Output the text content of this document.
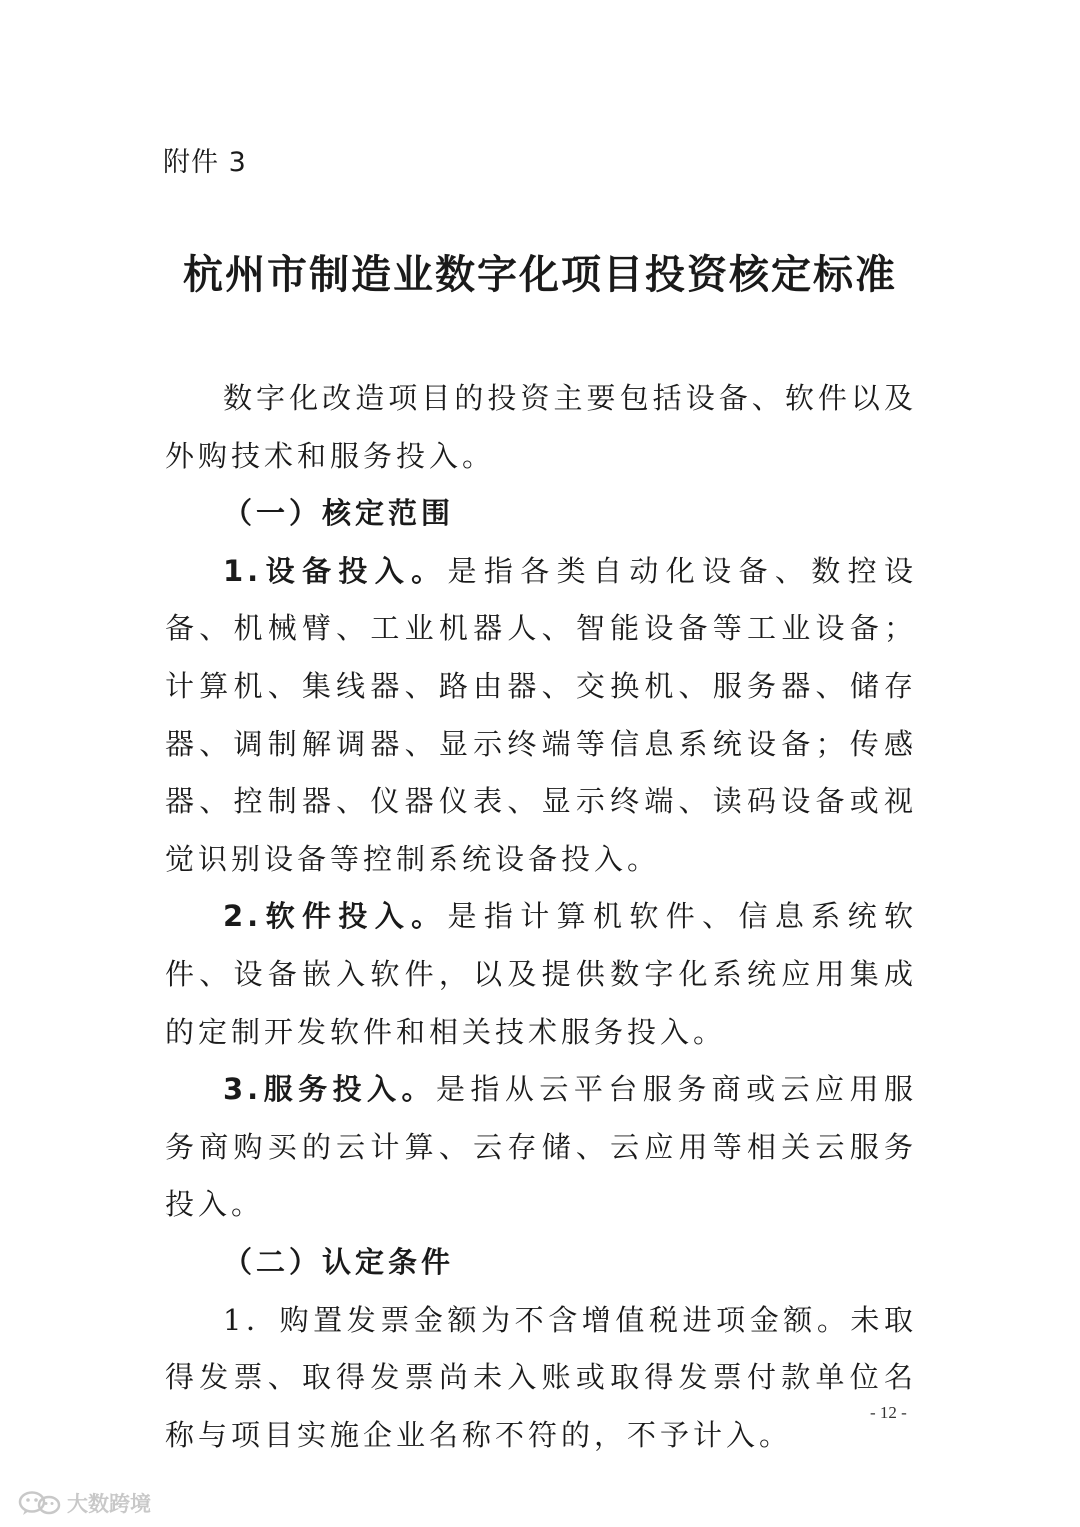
附件 3
杭州市制造业数字化项目投资核定标准

数字化改造项目的投资主要包括设备、软件以及外购技术和服务投入。

（一）核定范围

1.设备投入。是指各类自动化设备、数控设备、机械臂、工业机器人、智能设备等工业设备；计算机、集线器、路由器、交换机、服务器、储存器、调制解调器、显示终端等信息系统设备；传感器、控制器、仪器仪表、显示终端、读码设备或视觉识别设备等控制系统设备投入。

2.软件投入。是指计算机软件、信息系统软件、设备嵌入软件，以及提供数字化系统应用集成的定制开发软件和相关技术服务投入。

3.服务投入。是指从云平台服务商或云应用服务商购买的云计算、云存储、云应用等相关云服务投入。

（二）认定条件

1．购置发票金额为不含增值税进项金额。未取得发票、取得发票尚未入账或取得发票付款单位名称与项目实施企业名称不符的，不予计入。

- 12 -
大数跨境
